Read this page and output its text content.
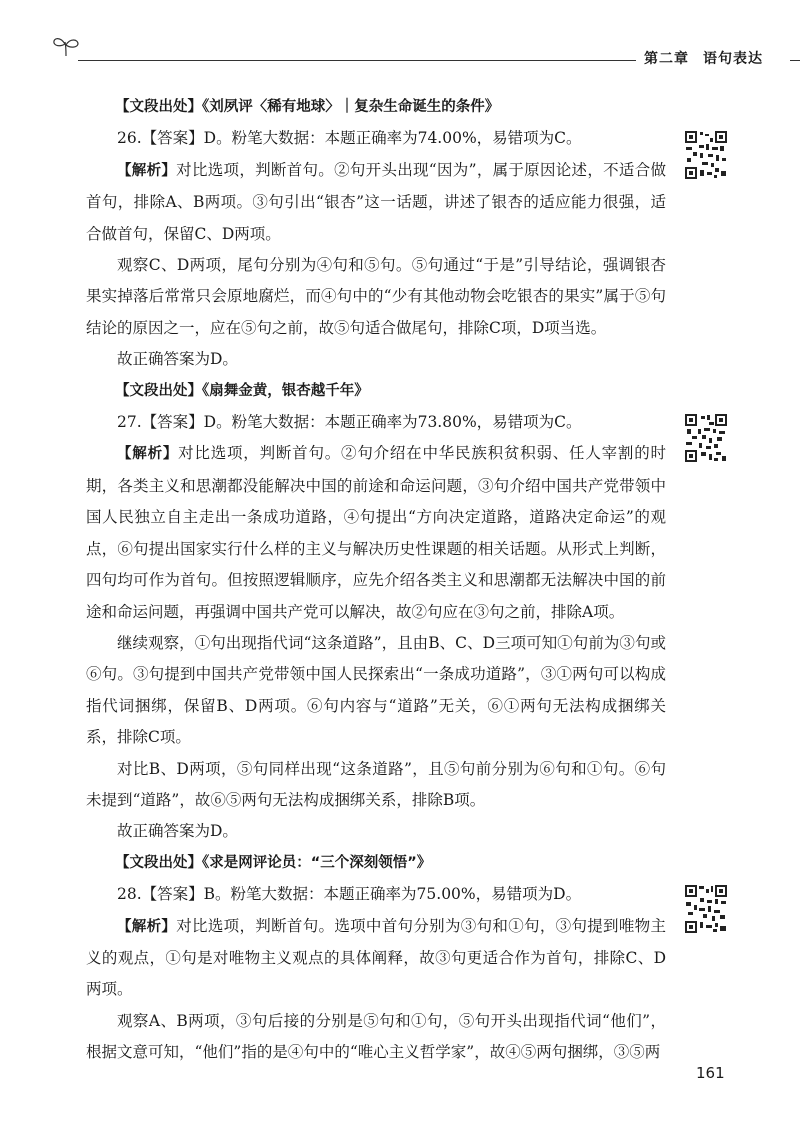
第二章 语句表达

【文段出处】《刘夙评〈稀有地球〉｜复杂生命诞生的条件》

26.【答案】D。粉笔大数据：本题正确率为74.00%，易错项为C。

【解析】对比选项，判断首句。②句开头出现“因为”，属于原因论述，不适合做首句，排除A、B两项。③句引出“银杏”这一话题，讲述了银杏的适应能力很强，适合做首句，保留C、D两项。

观察C、D两项，尾句分别为④句和⑤句。⑤句通过“于是”引导结论，强调银杏果实掉落后常常只会原地腐烂，而④句中的“少有其他动物会吃银杏的果实”属于⑤句结论的原因之一，应在⑤句之前，故⑤句适合做尾句，排除C项，D项当选。

故正确答案为D。

【文段出处】《扇舞金黄，银杏越千年》

27.【答案】D。粉笔大数据：本题正确率为73.80%，易错项为C。

【解析】对比选项，判断首句。②句介绍在中华民族积贫积弱、任人宰割的时期，各类主义和思潮都没能解决中国的前途和命运问题，③句介绍中国共产党带领中国人民独立自主走出一条成功道路，④句提出“方向决定道路，道路决定命运”的观点，⑥句提出国家实行什么样的主义与解决历史性课题的相关话题。从形式上判断，四句均可作为首句。但按照逻辑顺序，应先介绍各类主义和思潮都无法解决中国的前途和命运问题，再强调中国共产党可以解决，故②句应在③句之前，排除A项。

继续观察，①句出现指代词“这条道路”，且由B、C、D三项可知①句前为③句或⑥句。③句提到中国共产党带领中国人民探索出“一条成功道路”，③①两句可以构成指代词捆绑，保留B、D两项。⑥句内容与“道路”无关，⑥①两句无法构成捆绑关系，排除C项。

对比B、D两项，⑤句同样出现“这条道路”，且⑤句前分别为⑥句和①句。⑥句未提到“道路”，故⑥⑤两句无法构成捆绑关系，排除B项。

故正确答案为D。

【文段出处】《求是网评论员：“三个深刻领悟”》

28.【答案】B。粉笔大数据：本题正确率为75.00%，易错项为D。

【解析】对比选项，判断首句。选项中首句分别为③句和①句，③句提到唯物主义的观点，①句是对唯物主义观点的具体阐释，故③句更适合作为首句，排除C、D两项。

观察A、B两项，③句后接的分别是⑤句和①句，⑤句开头出现指代词“他们”，根据文意可知，“他们”指的是④句中的“唯心主义哲学家”，故④⑤两句捆绑，③⑤两

161
